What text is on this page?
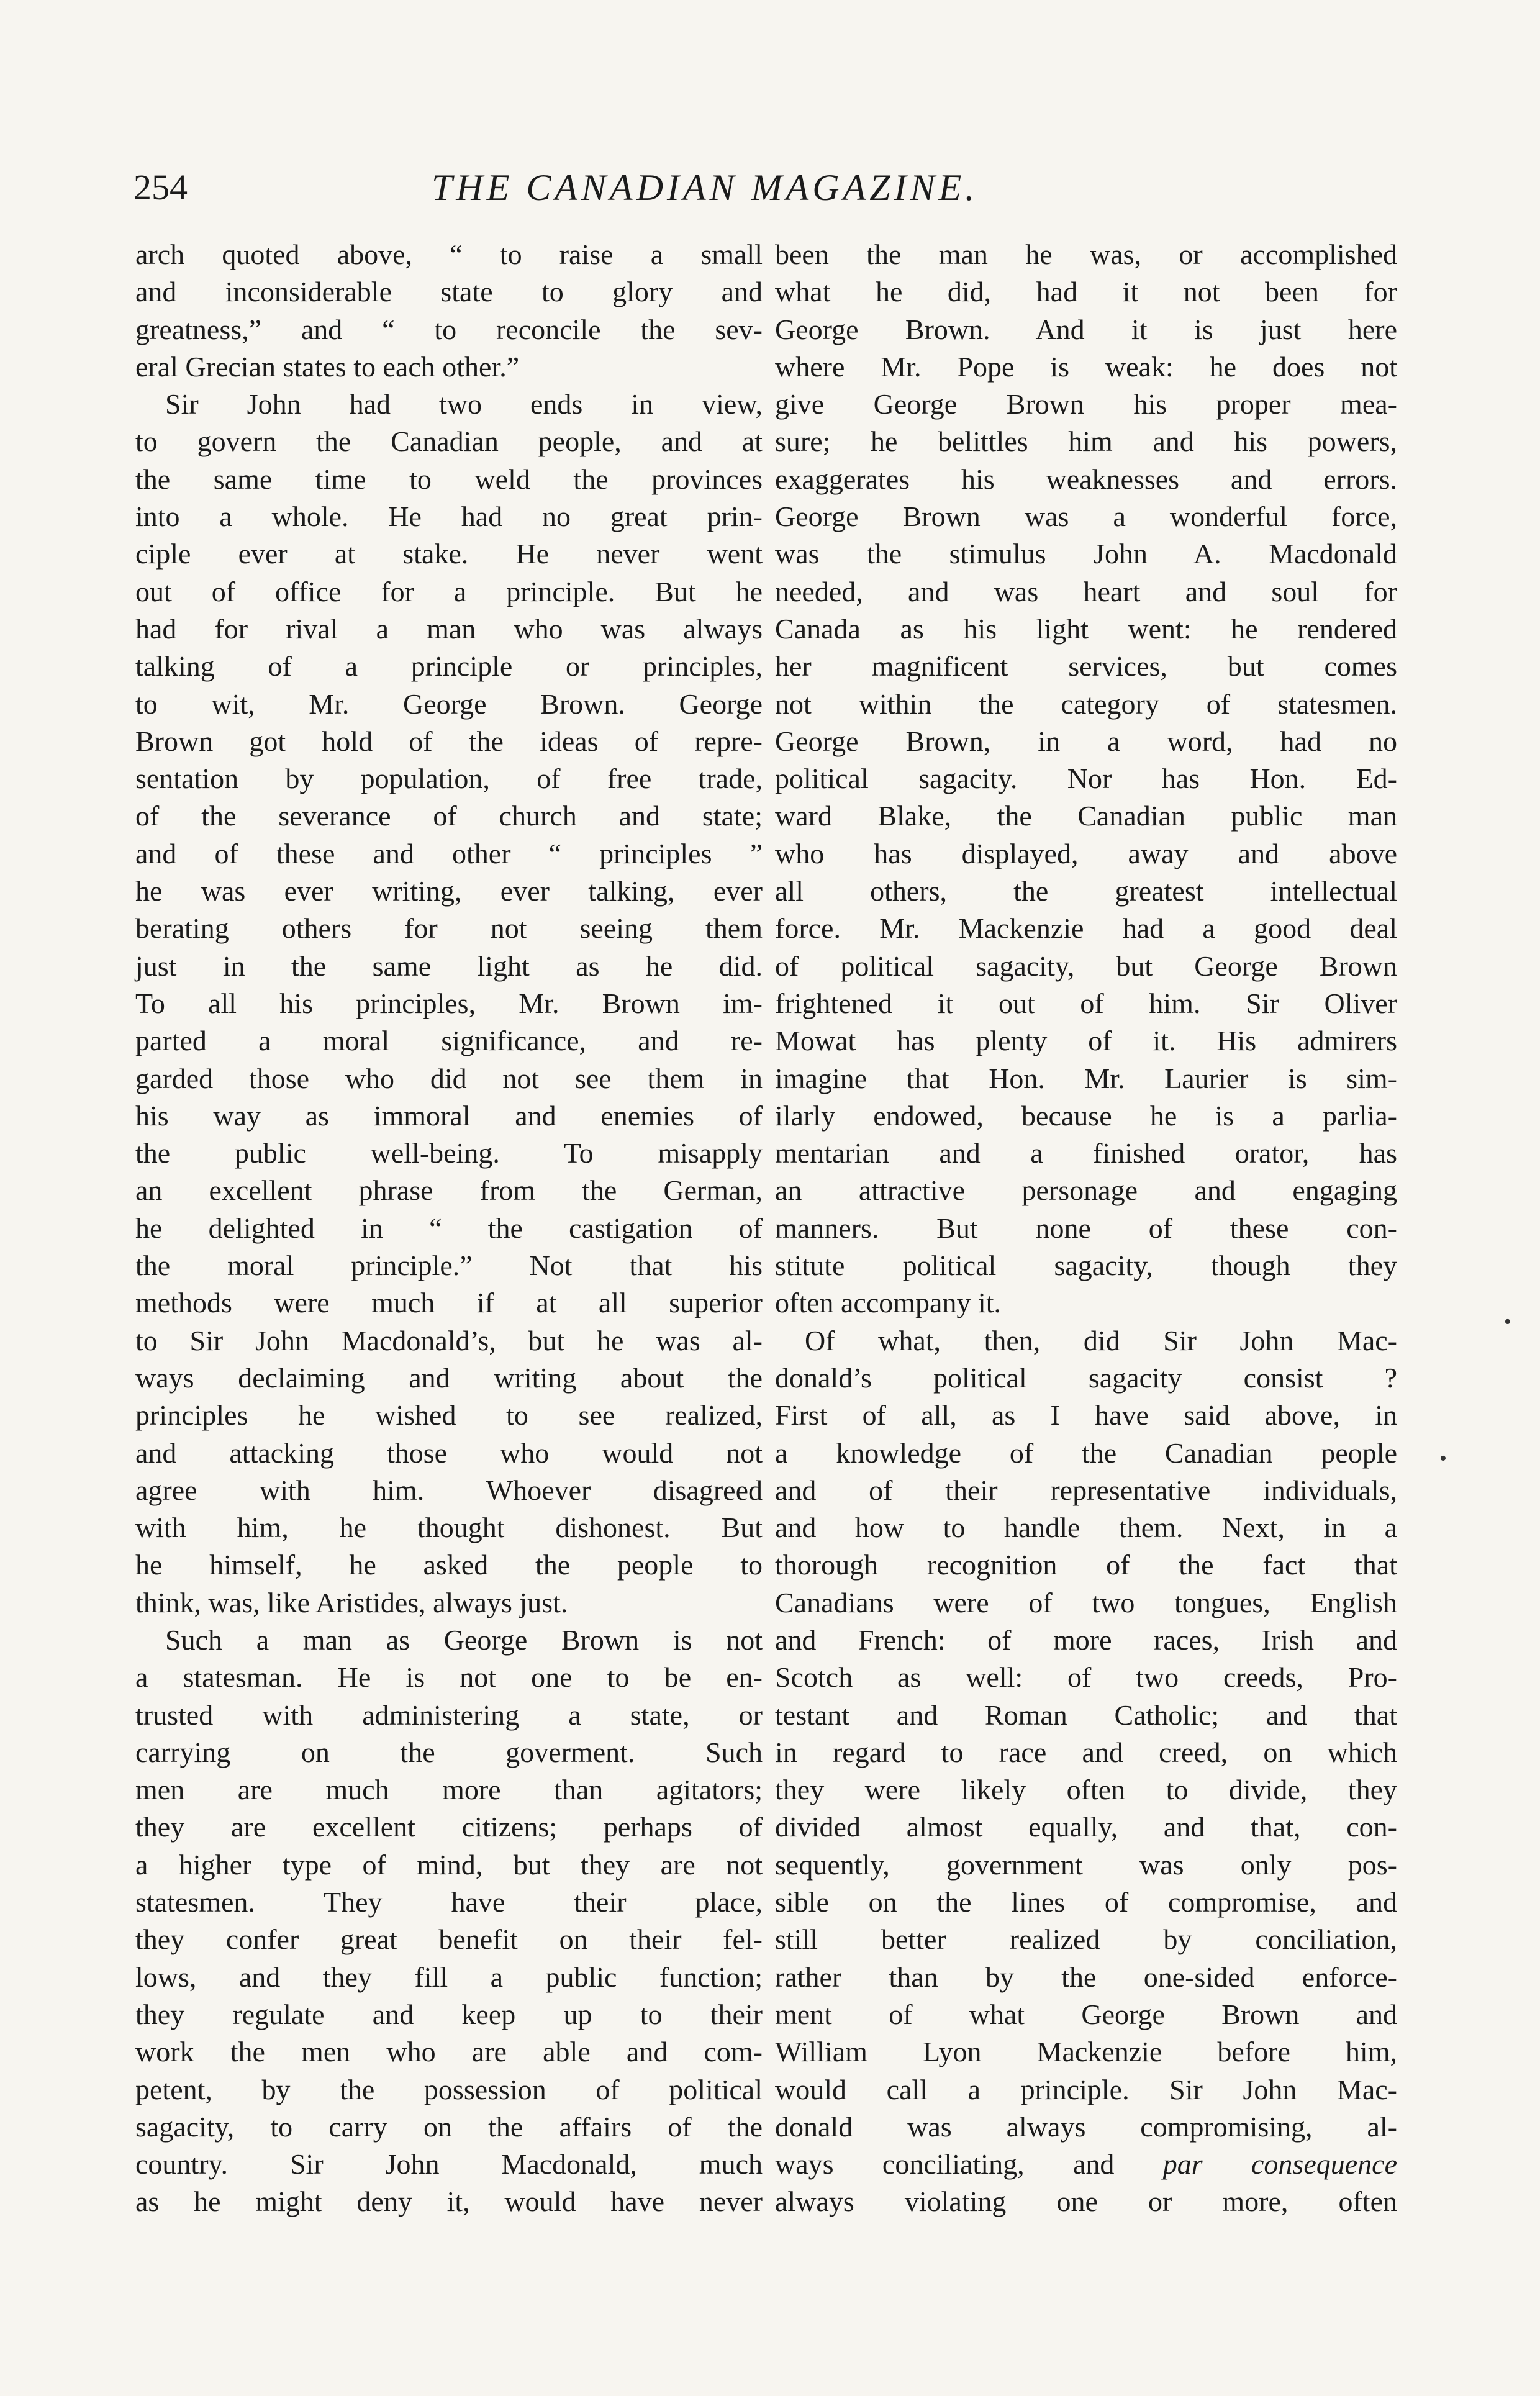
254	THE CANADIAN MAGAZINE.
arch quoted above, “ to raise a small
and inconsiderable state to glory and
greatness,” and “ to reconcile the sev-
eral Grecian states to each other.”
Sir John had two ends in view,
to govern the Canadian people, and at
the same time to weld the provinces
into a whole. He had no great prin-
ciple ever at stake. He never went
out of office for a principle. But he
had for rival a man who was always
talking of a principle or principles,
to wit, Mr. George Brown. George
Brown got hold of the ideas of repre-
sentation by population, of free trade,
of the severance of church and state;
and of these and other “ principles ”
he was ever writing, ever talking, ever
berating others for not seeing them
just in the same light as he did.
To all his principles, Mr. Brown im-
parted a moral significance, and re-
garded those who did not see them in
his way as immoral and enemies of
the public well-being. To misapply
an excellent phrase from the German,
he delighted in “ the castigation of
the moral principle.” Not that his
methods were much if at all superior
to Sir John Macdonald’s, but he was al-
ways declaiming and writing about the
principles he wished to see realized,
and attacking those who would not
agree with him. Whoever disagreed
with him, he thought dishonest. But
he himself, he asked the people to
think, was, like Aristides, always just.
Such a man as George Brown is not
a statesman. He is not one to be en-
trusted with administering a state, or
carrying on the goverment. Such
men are much more than agitators;
they are excellent citizens; perhaps of
a higher type of mind, but they are not
statesmen. They have their place,
they confer great benefit on their fel-
lows, and they fill a public function;
they regulate and keep up to their
work the men who are able and com-
petent, by the possession of political
sagacity, to carry on the affairs of the
country. Sir John Macdonald, much
as he might deny it, would have never
been the man he was, or accomplished
what he did, had it not been for
George Brown. And it is just here
where Mr. Pope is weak: he does not
give George Brown his proper mea-
sure; he belittles him and his powers,
exaggerates his weaknesses and errors.
George Brown was a wonderful force,
was the stimulus John A. Macdonald
needed, and was heart and soul for
Canada as his light went: he rendered
her magnificent services, but comes
not within the category of statesmen.
George Brown, in a word, had no
political sagacity. Nor has Hon. Ed-
ward Blake, the Canadian public man
who has displayed, away and above
all others, the greatest intellectual
force. Mr. Mackenzie had a good deal
of political sagacity, but George Brown
frightened it out of him. Sir Oliver
Mowat has plenty of it. His admirers
imagine that Hon. Mr. Laurier is sim-
ilarly endowed, because he is a parlia-
mentarian and a finished orator, has
an attractive personage and engaging
manners. But none of these con-
stitute political sagacity, though they
often accompany it.
Of what, then, did Sir John Mac-
donald’s political sagacity consist ?
First of all, as I have said above, in
a knowledge of the Canadian people
and of their representative individuals,
and how to handle them. Next, in a
thorough recognition of the fact that
Canadians were of two tongues, English
and French: of more races, Irish and
Scotch as well: of two creeds, Pro-
testant and Roman Catholic; and that
in regard to race and creed, on which
they were likely often to divide, they
divided almost equally, and that, con-
sequently, government was only pos-
sible on the lines of compromise, and
still better realized by conciliation,
rather than by the one-sided enforce-
ment of what George Brown and
William Lyon Mackenzie before him,
would call a principle. Sir John Mac-
donald was always compromising, al-
ways conciliating, and par consequence
always violating one or more, often
•
•
